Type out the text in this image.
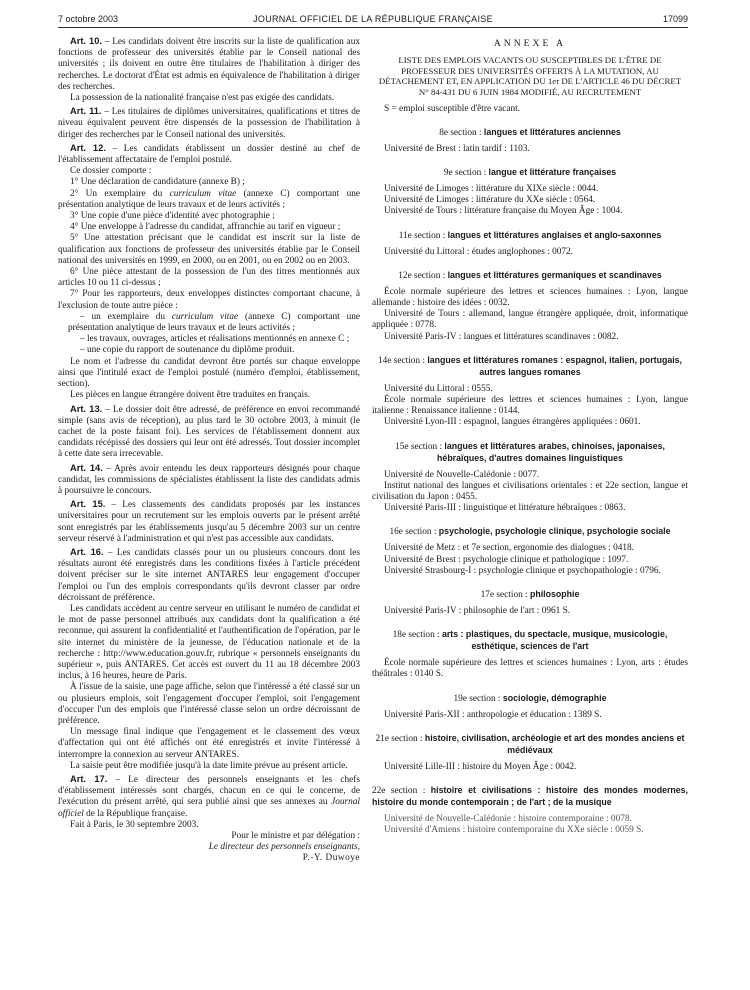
7 octobre 2003	JOURNAL OFFICIEL DE LA RÉPUBLIQUE FRANÇAISE	17099

Art. 10. – Les candidats doivent être inscrits sur la liste de qualification aux fonctions de professeur des universités établie par le Conseil national des universités ; ils doivent en outre être titulaires de l'habilitation à diriger des recherches. Le doctorat d'État est admis en équivalence de l'habilitation à diriger des recherches.

La possession de la nationalité française n'est pas exigée des candidats.

Art. 11. – Les titulaires de diplômes universitaires, qualifications et titres de niveau équivalent peuvent être dispensés de la possession de l'habilitation à diriger des recherches par le Conseil national des universités.

Art. 12. – Les candidats établissent un dossier destiné au chef de l'établissement affectataire de l'emploi postulé.

Ce dossier comporte :

1° Une déclaration de candidature (annexe B) ;

2° Un exemplaire du curriculum vitae (annexe C) comportant une présentation analytique de leurs travaux et de leurs activités ;

3° Une copie d'une pièce d'identité avec photographie ;

4° Une enveloppe à l'adresse du candidat, affranchie au tarif en vigueur ;

5° Une attestation précisant que le candidat est inscrit sur la liste de qualification aux fonctions de professeur des universités établie par le Conseil national des universités en 1999, en 2000, ou en 2001, ou en 2002 ou en 2003.

6° Une pièce attestant de la possession de l'un des titres mentionnés aux articles 10 ou 11 ci-dessus ;

7° Pour les rapporteurs, deux enveloppes distinctes comportant chacune, à l'exclusion de toute autre pièce :

– un exemplaire du curriculum vitae (annexe C) comportant une présentation analytique de leurs travaux et de leurs activités ;

– les travaux, ouvrages, articles et réalisations mentionnés en annexe C ;

– une copie du rapport de soutenance du diplôme produit.

Le nom et l'adresse du candidat devront être portés sur chaque enveloppe ainsi que l'intitulé exact de l'emploi postulé (numéro d'emploi, établissement, section).

Les pièces en langue étrangère doivent être traduites en français.

Art. 13. – Le dossier doit être adressé, de préférence en envoi recommandé simple (sans avis de réception), au plus tard le 30 octobre 2003, à minuit (le cachet de la poste faisant foi). Les services de l'établissement donnent aux candidats récépissé des dossiers qui leur ont été adressés. Tout dossier incomplet à cette date sera irrecevable.

Art. 14. – Après avoir entendu les deux rapporteurs désignés pour chaque candidat, les commissions de spécialistes établissent la liste des candidats admis à poursuivre le concours.

Art. 15. – Les classements des candidats proposés par les instances universitaires pour un recrutement sur les emplois ouverts par le présent arrêté sont enregistrés par les établissements jusqu'au 5 décembre 2003 sur un centre serveur réservé à l'administration et qui n'est pas accessible aux candidats.

Art. 16. – Les candidats classés pour un ou plusieurs concours dont les résultats auront été enregistrés dans les conditions fixées à l'article précédent doivent préciser sur le site internet ANTARES leur engagement d'occuper l'emploi ou l'un des emplois correspondants qu'ils devront classer par ordre décroissant de préférence.

Les candidats accèdent au centre serveur en utilisant le numéro de candidat et le mot de passe personnel attribués aux candidats dont la qualification a été reconnue, qui assurent la confidentialité et l'authentification de l'opération, par le site internet du ministère de la jeunesse, de l'éducation nationale et de la recherche : http://www.education.gouv.fr, rubrique « personnels enseignants du supérieur », puis ANTARES. Cet accès est ouvert du 11 au 18 décembre 2003 inclus, à 16 heures, heure de Paris.

À l'issue de la saisie, une page affiche, selon que l'intéressé a été classé sur un ou plusieurs emplois, soit l'engagement d'occuper l'emploi, soit l'engagement d'occuper l'un des emplois que l'intéressé classe selon un ordre décroissant de préférence.

Un message final indique que l'engagement et le classement des vœux d'affectation qui ont été affichés ont été enregistrés et invite l'intéressé à interrompre la connexion au serveur ANTARES.

La saisie peut être modifiée jusqu'à la date limite prévue au présent article.

Art. 17. – Le directeur des personnels enseignants et les chefs d'établissement intéressés sont chargés, chacun en ce qui le concerne, de l'exécution du présent arrêté, qui sera publié ainsi que ses annexes au Journal officiel de la République française.

Fait à Paris, le 30 septembre 2003.

Pour le ministre et par délégation :

Le directeur des personnels enseignants,

P.-Y. Duwoye

ANNEXE A
LISTE DES EMPLOIS VACANTS OU SUSCEPTIBLES DE L'ÊTRE DE PROFESSEUR DES UNIVERSITÉS OFFERTS À LA MUTATION, AU DÉTACHEMENT ET, EN APPLICATION DU 1er DE L'ARTICLE 46 DU DÉCRET N° 84-431 DU 6 JUIN 1984 MODIFIÉ, AU RECRUTEMENT

S = emploi susceptible d'être vacant.

8e section : langues et littératures anciennes

Université de Brest : latin tardif : 1103.

9e section : langue et littérature françaises

Université de Limoges : littérature du XIXe siècle : 0044.

Université de Limoges : littérature du XXe siècle : 0564.

Université de Tours : littérature française du Moyen Âge : 1004.

11e section : langues et littératures anglaises et anglo-saxonnes

Université du Littoral : études anglophones : 0072.

12e section : langues et littératures germaniques et scandinaves

École normale supérieure des lettres et sciences humaines : Lyon, langue allemande : histoire des idées : 0032.

Université de Tours : allemand, langue étrangère appliquée, droit, informatique appliquée : 0778.

Université Paris-IV : langues et littératures scandinaves : 0082.

14e section : langues et littératures romanes : espagnol, italien, portugais, autres langues romanes

Université du Littoral : 0555.

École normale supérieure des lettres et sciences humaines : Lyon, langue italienne : Renaissance italienne : 0144.

Université Lyon-III : espagnol, langues étrangères appliquées : 0601.

15e section : langues et littératures arabes, chinoises, japonaises, hébraïques, d'autres domaines linguistiques

Université de Nouvelle-Calédonie : 0077.

Institut national des langues et civilisations orientales : et 22e section, langue et civilisation du Japon : 0455.

Université Paris-III : linguistique et littérature hébraïques : 0863.

16e section : psychologie, psychologie clinique, psychologie sociale

Université de Metz : et 7e section, ergonomie des dialogues : 0418.

Université de Brest : psychologie clinique et pathologique : 1097.

Université Strasbourg-I : psychologie clinique et psychopathologie : 0796.

17e section : philosophie

Université Paris-IV : philosophie de l'art : 0961 S.

18e section : arts : plastiques, du spectacle, musique, musicologie, esthétique, sciences de l'art

École normale supérieure des lettres et sciences humaines : Lyon, arts : études théâtrales : 0140 S.

19e section : sociologie, démographie

Université Paris-XII : anthropologie et éducation : 1389 S.

21e section : histoire, civilisation, archéologie et art des mondes anciens et médiévaux

Université Lille-III : histoire du Moyen Âge : 0042.

22e section : histoire et civilisations : histoire des mondes modernes, histoire du monde contemporain ; de l'art ; de la musique

Université de Nouvelle-Calédonie : histoire contemporaine : 0078.

Université d'Amiens : histoire contemporaine du XXe siècle : 0059 S.
